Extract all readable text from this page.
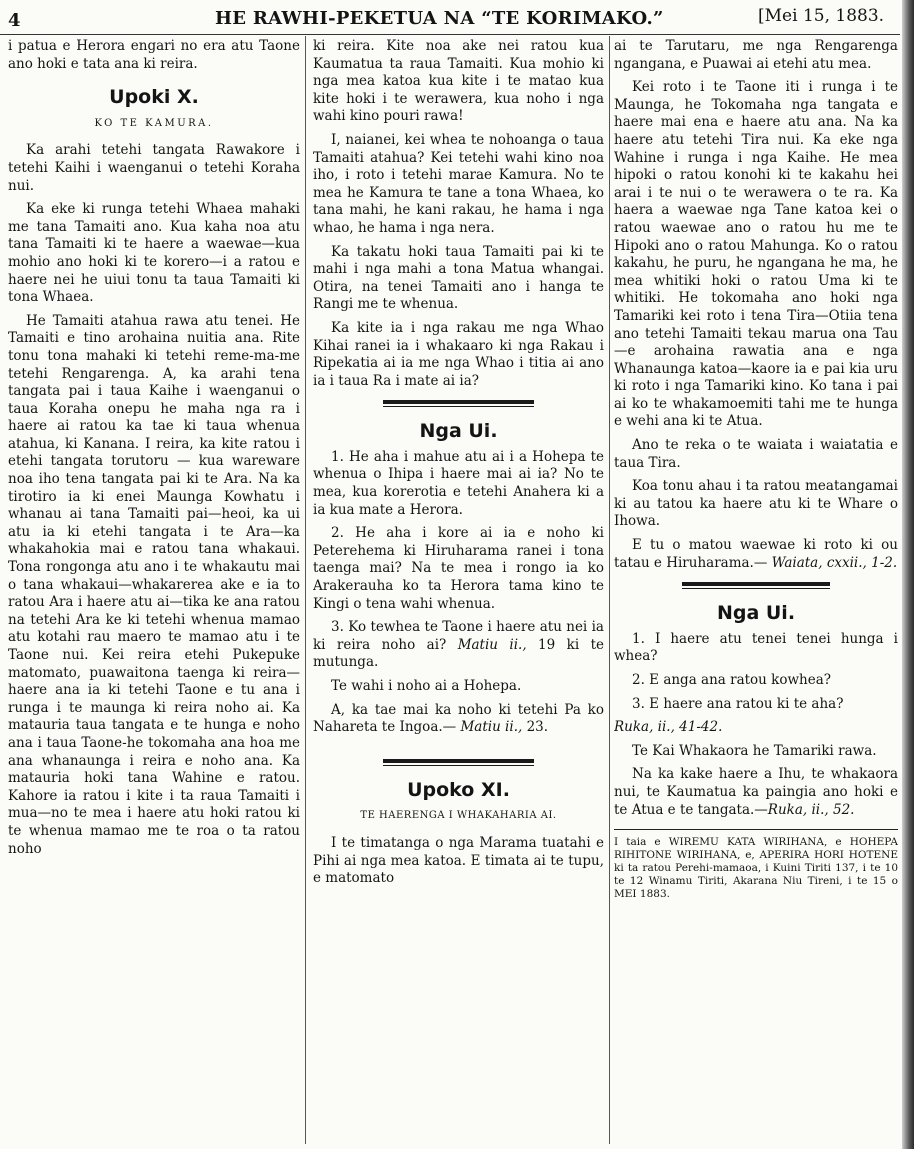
4	HE RAWHI-PEKETUA NA “TE KORIMAKO.”	[Mei 15, 1883.

i patua e Herora engari no era atu Taone ano hoki e tata ana ki reira.

Upoki X.
KO TE KAMURA.

Ka arahi tetehi tangata Rawakore i tetehi Kaihi i waenganui o tetehi Koraha nui.

Ka eke ki runga tetehi Whaea mahaki me tana Tamaiti ano. Kua kaha noa atu tana Tamaiti ki te haere a waewae—kua mohio ano hoki ki te korero—i a ratou e haere nei he uiui tonu ta taua Tamaiti ki tona Whaea.

He Tamaiti atahua rawa atu tenei. He Tamaiti e tino arohaina nuitia ana. Rite tonu tona mahaki ki tetehi reme-ma-me tetehi Rengarenga. A, ka arahi tena tangata pai i taua Kaihe i waenganui o taua Koraha onepu he maha nga ra i haere ai ratou ka tae ki taua whenua atahua, ki Kanana. I reira, ka kite ratou i etehi tangata torutoru — kua wareware noa iho tena tangata pai ki te Ara. Na ka tirotiro ia ki enei Maunga Kowhatu i whanau ai tana Tamaiti pai—heoi, ka ui atu ia ki etehi tangata i te Ara—ka whakahokia mai e ratou tana whakaui. Tona rongonga atu ano i te whakautu mai o tana whakaui—whakarerea ake e ia to ratou Ara i haere atu ai—tika ke ana ratou na tetehi Ara ke ki tetehi whenua mamao atu kotahi rau maero te mamao atu i te Taone nui. Kei reira etehi Pukepuke matomato, puawaitona taenga ki reira—haere ana ia ki tetehi Taone e tu ana i runga i te maunga ki reira noho ai. Ka matauria taua tangata e te hunga e noho ana i taua Taone-he tokomaha ana hoa me ana whanaunga i reira e noho ana. Ka matauria hoki tana Wahine e ratou. Kahore ia ratou i kite i ta raua Tamaiti i mua—no te mea i haere atu hoki ratou ki te whenua mamao me te roa o ta ratou noho

ki reira. Kite noa ake nei ratou kua Kaumatua ta raua Tamaiti. Kua mohio ki nga mea katoa kua kite i te matao kua kite hoki i te werawera, kua noho i nga wahi kino pouri rawa!

I, naianei, kei whea te nohoanga o taua Tamaiti atahua? Kei tetehi wahi kino noa iho, i roto i tetehi marae Kamura. No te mea he Kamura te tane a tona Whaea, ko tana mahi, he kani rakau, he hama i nga whao, he hama i nga nera.

Ka takatu hoki taua Tamaiti pai ki te mahi i nga mahi a tona Matua whangai. Otira, na tenei Tamaiti ano i hanga te Rangi me te whenua.

Ka kite ia i nga rakau me nga Whao Kihai ranei ia i whakaaro ki nga Rakau i Ripekatia ai ia me nga Whao i titia ai ano ia i taua Ra i mate ai ia?

Nga Ui.

1. He aha i mahue atu ai i a Hohepa te whenua o Ihipa i haere mai ai ia? No te mea, kua korerotia e tetehi Anahera ki a ia kua mate a Herora.

2. He aha i kore ai ia e noho ki Peterehema ki Hiruharama ranei i tona taenga mai? Na te mea i rongo ia ko Arakerauha ko ta Herora tama kino te Kingi o tena wahi whenua.

3. Ko tewhea te Taone i haere atu nei ia ki reira noho ai? Matiu ii., 19 ki te mutunga.

Te wahi i noho ai a Hohepa.

A, ka tae mai ka noho ki tetehi Pa ko Nahareta te Ingoa.— Matiu ii., 23.

Upoko XI.
TE HAERENGA I WHAKAHARIA AI.

I te timatanga o nga Marama tuatahi e Pihi ai nga mea katoa. E timata ai te tupu, e matomato

ai te Tarutaru, me nga Rengarenga ngangana, e Puawai ai etehi atu mea.

Kei roto i te Taone iti i runga i te Maunga, he Tokomaha nga tangata e haere mai ena e haere atu ana. Na ka haere atu tetehi Tira nui. Ka eke nga Wahine i runga i nga Kaihe. He mea hipoki o ratou konohi ki te kakahu hei arai i te nui o te werawera o te ra. Ka haera a waewae nga Tane katoa kei o ratou waewae ano o ratou hu me te Hipoki ano o ratou Mahunga. Ko o ratou kakahu, he puru, he ngangana he ma, he mea whitiki hoki o ratou Uma ki te whitiki. He tokomaha ano hoki nga Tamariki kei roto i tena Tira—Otiia tena ano tetehi Tamaiti tekau marua ona Tau—e arohaina rawatia ana e nga Whanaunga katoa—kaore ia e pai kia uru ki roto i nga Tamariki kino. Ko tana i pai ai ko te whakamoemiti tahi me te hunga e wehi ana ki te Atua.

Ano te reka o te waiata i waiatatia e taua Tira.

Koa tonu ahau i ta ratou meatangamai ki au tatou ka haere atu ki te Whare o Ihowa.

E tu o matou waewae ki roto ki ou tatau e Hiruharama.— Waiata, cxxii., 1-2.

Nga Ui.

1. I haere atu tenei tenei hunga i whea?

2. E anga ana ratou kowhea?

3. E haere ana ratou ki te aha?

Ruka, ii., 41-42.

Te Kai Whakaora he Tamariki rawa.

Na ka kake haere a Ihu, te whakaora nui, te Kaumatua ka paingia ano hoki e te Atua e te tangata.—Ruka, ii., 52.

I taia e WIREMU KATA WIRIHANA, e HOHEPA RIHITONE WIRIHANA, e, APERIRA HORI HOTENE ki ta ratou Perehi-mamaoa, i Kuini Tiriti 137, i te 10 te 12 Winamu Tiriti, Akarana Niu Tireni, i te 15 o MEI 1883.
